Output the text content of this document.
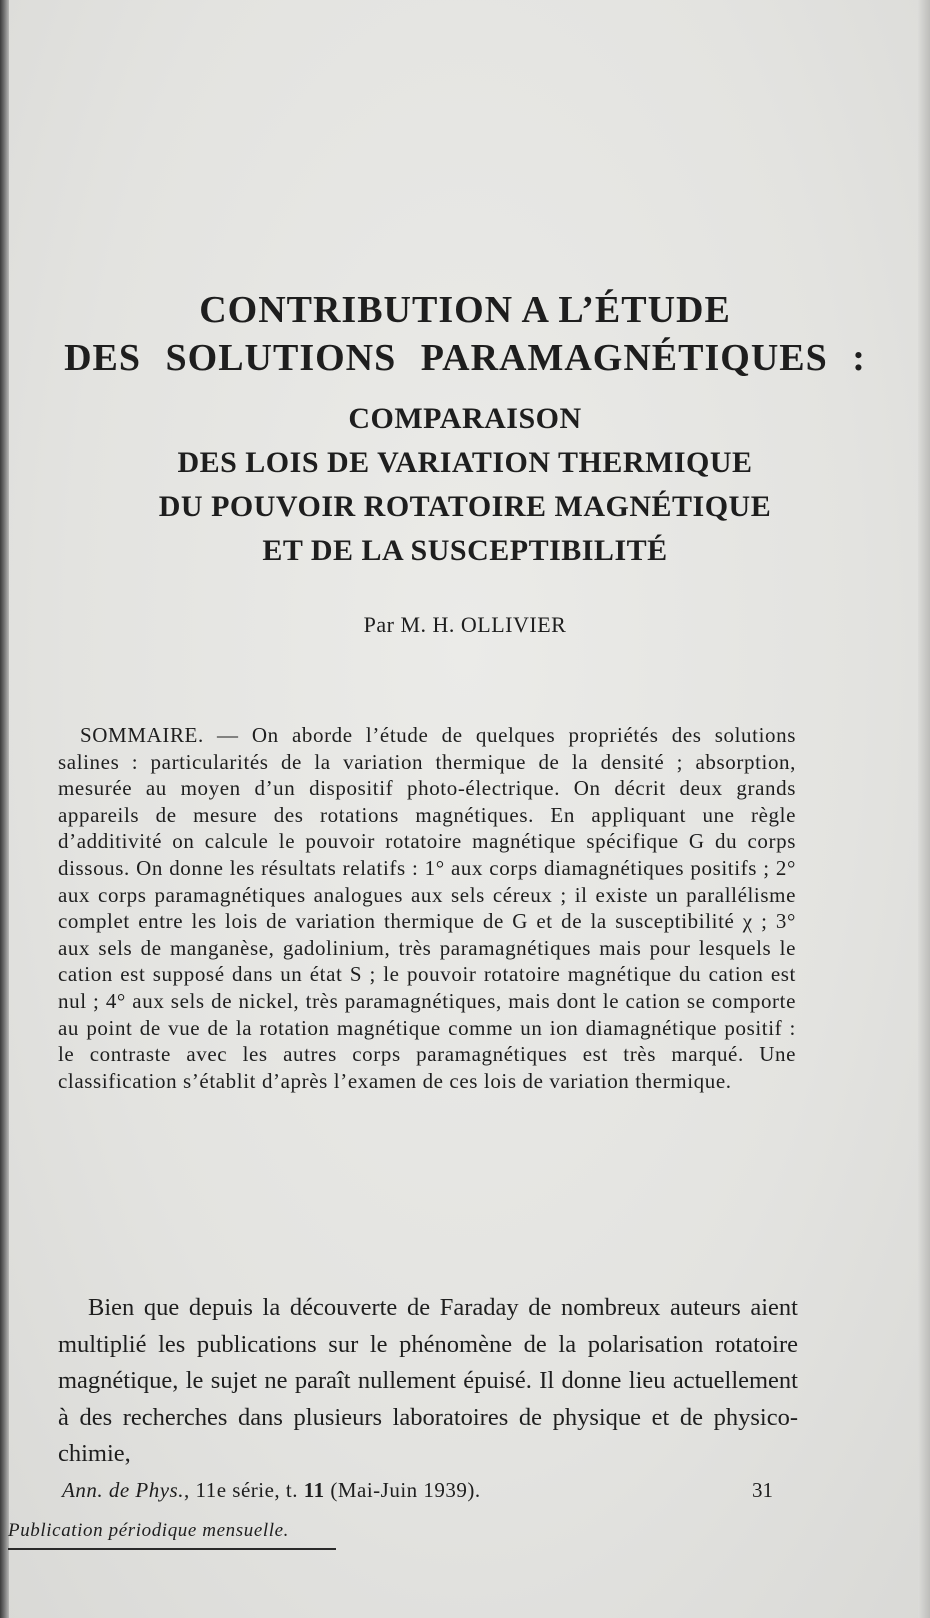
CONTRIBUTION A L’ÉTUDE
DES SOLUTIONS PARAMAGNÉTIQUES :
COMPARAISON
DES LOIS DE VARIATION THERMIQUE
DU POUVOIR ROTATOIRE MAGNÉTIQUE
ET DE LA SUSCEPTIBILITÉ
Par M. H. OLLIVIER

SOMMAIRE. — On aborde l’étude de quelques propriétés des solutions salines : particularités de la variation thermique de la densité ; absorption, mesurée au moyen d’un dispositif photo-électrique. On décrit deux grands appareils de mesure des rotations magnétiques. En appliquant une règle d’additivité on calcule le pouvoir rotatoire magnétique spécifique G du corps dissous. On donne les résultats relatifs : 1° aux corps diamagnétiques positifs ; 2° aux corps paramagnétiques analogues aux sels céreux ; il existe un parallélisme complet entre les lois de variation thermique de G et de la susceptibilité χ ; 3° aux sels de manganèse, gadolinium, très paramagnétiques mais pour lesquels le cation est supposé dans un état S ; le pouvoir rotatoire magnétique du cation est nul ; 4° aux sels de nickel, très paramagnétiques, mais dont le cation se comporte au point de vue de la rotation magnétique comme un ion diamagnétique positif : le contraste avec les autres corps paramagnétiques est très marqué. Une classification s’établit d’après l’examen de ces lois de variation thermique.

Bien que depuis la découverte de Faraday de nombreux auteurs aient multiplié les publications sur le phénomène de la polarisation rotatoire magnétique, le sujet ne paraît nullement épuisé. Il donne lieu actuellement à des recherches dans plusieurs laboratoires de physique et de physico-chimie,

Ann. de Phys., 11e série, t. 11 (Mai-Juin 1939).	31
Publication périodique mensuelle.
